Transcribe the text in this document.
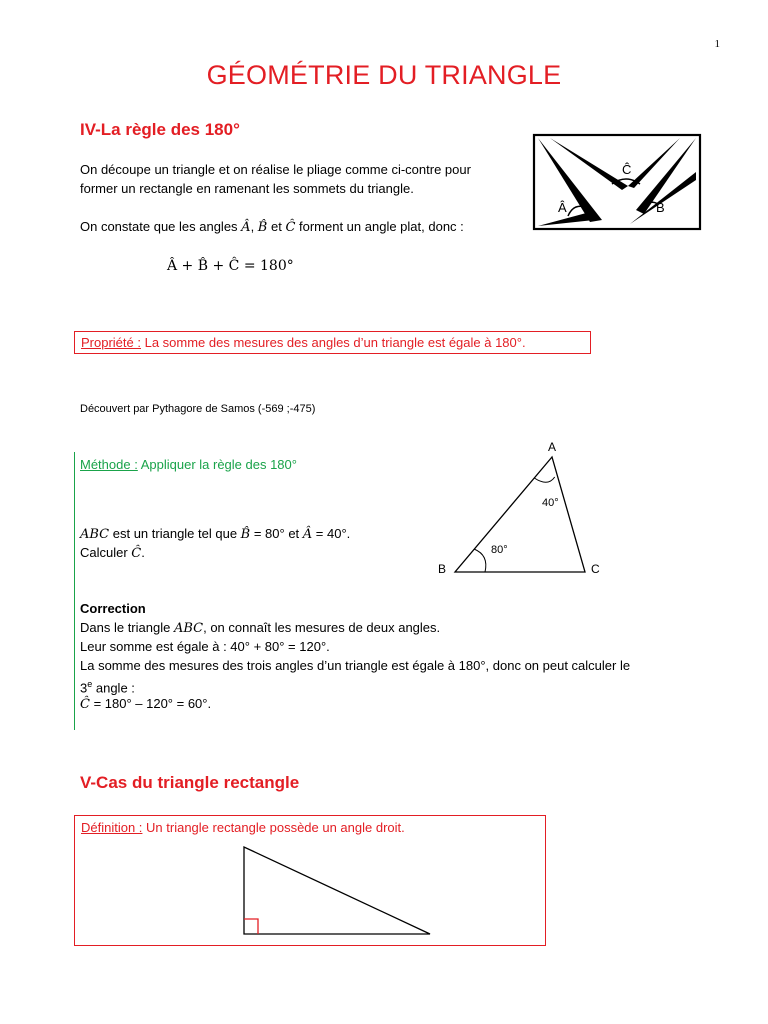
1
GÉOMÉTRIE DU TRIANGLE
IV-La règle des 180°
On découpe un triangle et on réalise le pliage comme ci-contre pour
former un rectangle en ramenant les sommets du triangle.
On constate que les angles Â, B̂ et Ĉ forment un angle plat, donc :
Â + B̂ + Ĉ = 180°
Ĉ
Â	B̂
Propriété : La somme des mesures des angles d’un triangle est égale à 180°.
Découvert par Pythagore de Samos (-569 ;-475)
Méthode : Appliquer la règle des 180°
ABC est un triangle tel que B̂ = 80° et Â = 40°.
Calculer Ĉ.
A
B	C
40°
80°
Correction
Dans le triangle ABC, on connaît les mesures de deux angles.
Leur somme est égale à : 40° + 80° = 120°.
La somme des mesures des trois angles d’un triangle est égale à 180°, donc on peut calculer le
3e angle :
Ĉ = 180° – 120° = 60°.
V-Cas du triangle rectangle
Définition : Un triangle rectangle possède un angle droit.
